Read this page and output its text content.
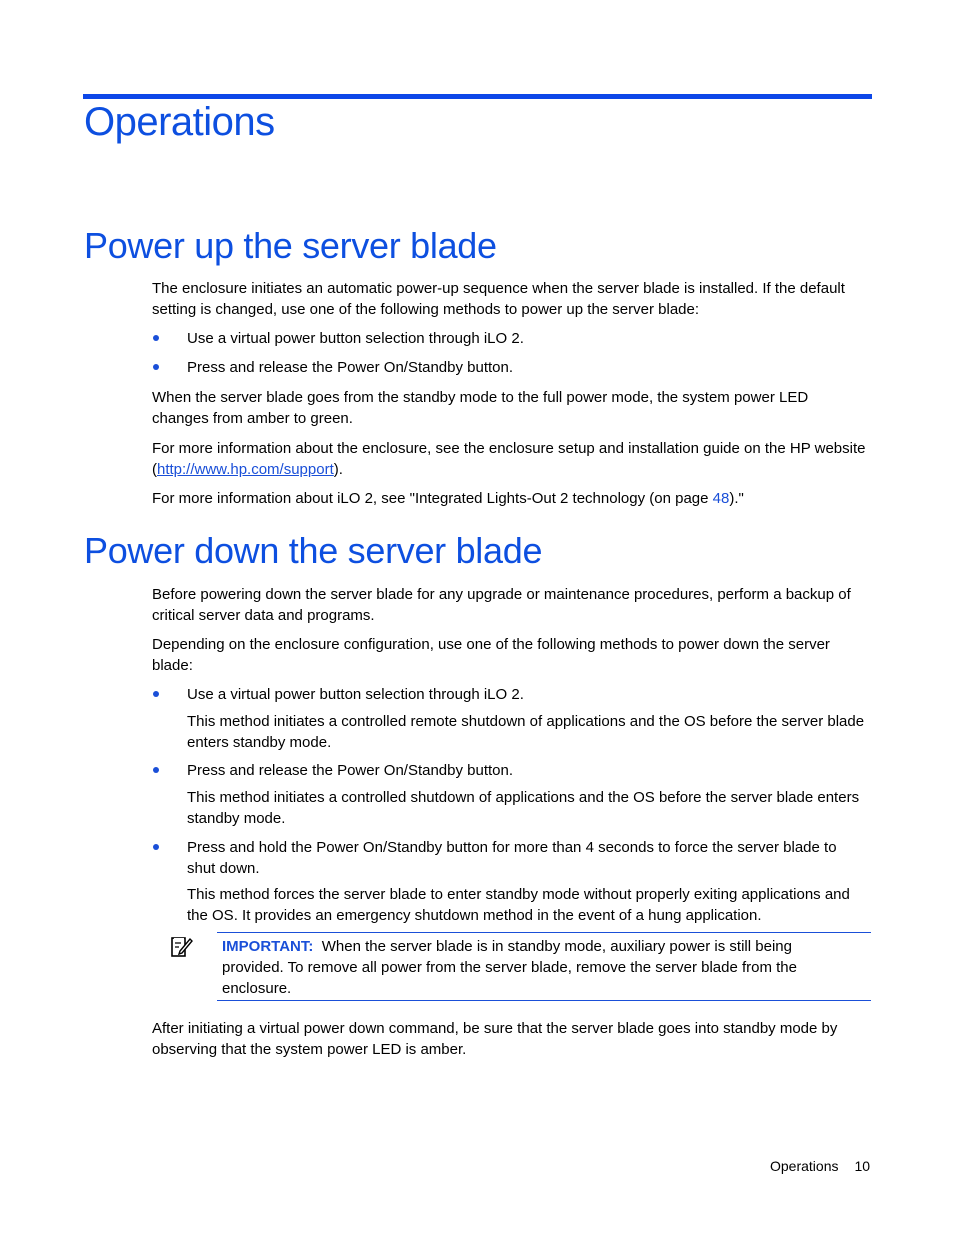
Operations
Power up the server blade

The enclosure initiates an automatic power-up sequence when the server blade is installed. If the default setting is changed, use one of the following methods to power up the server blade:

Use a virtual power button selection through iLO 2.

Press and release the Power On/Standby button.

When the server blade goes from the standby mode to the full power mode, the system power LED changes from amber to green.

For more information about the enclosure, see the enclosure setup and installation guide on the HP website (http://www.hp.com/support).

For more information about iLO 2, see "Integrated Lights-Out 2 technology (on page 48)."

Power down the server blade

Before powering down the server blade for any upgrade or maintenance procedures, perform a backup of critical server data and programs.

Depending on the enclosure configuration, use one of the following methods to power down the server blade:

Use a virtual power button selection through iLO 2.

This method initiates a controlled remote shutdown of applications and the OS before the server blade enters standby mode.

Press and release the Power On/Standby button.

This method initiates a controlled shutdown of applications and the OS before the server blade enters standby mode.

Press and hold the Power On/Standby button for more than 4 seconds to force the server blade to shut down.

This method forces the server blade to enter standby mode without properly exiting applications and the OS. It provides an emergency shutdown method in the event of a hung application.

IMPORTANT: When the server blade is in standby mode, auxiliary power is still being provided. To remove all power from the server blade, remove the server blade from the enclosure.

After initiating a virtual power down command, be sure that the server blade goes into standby mode by observing that the system power LED is amber.

Operations 10
